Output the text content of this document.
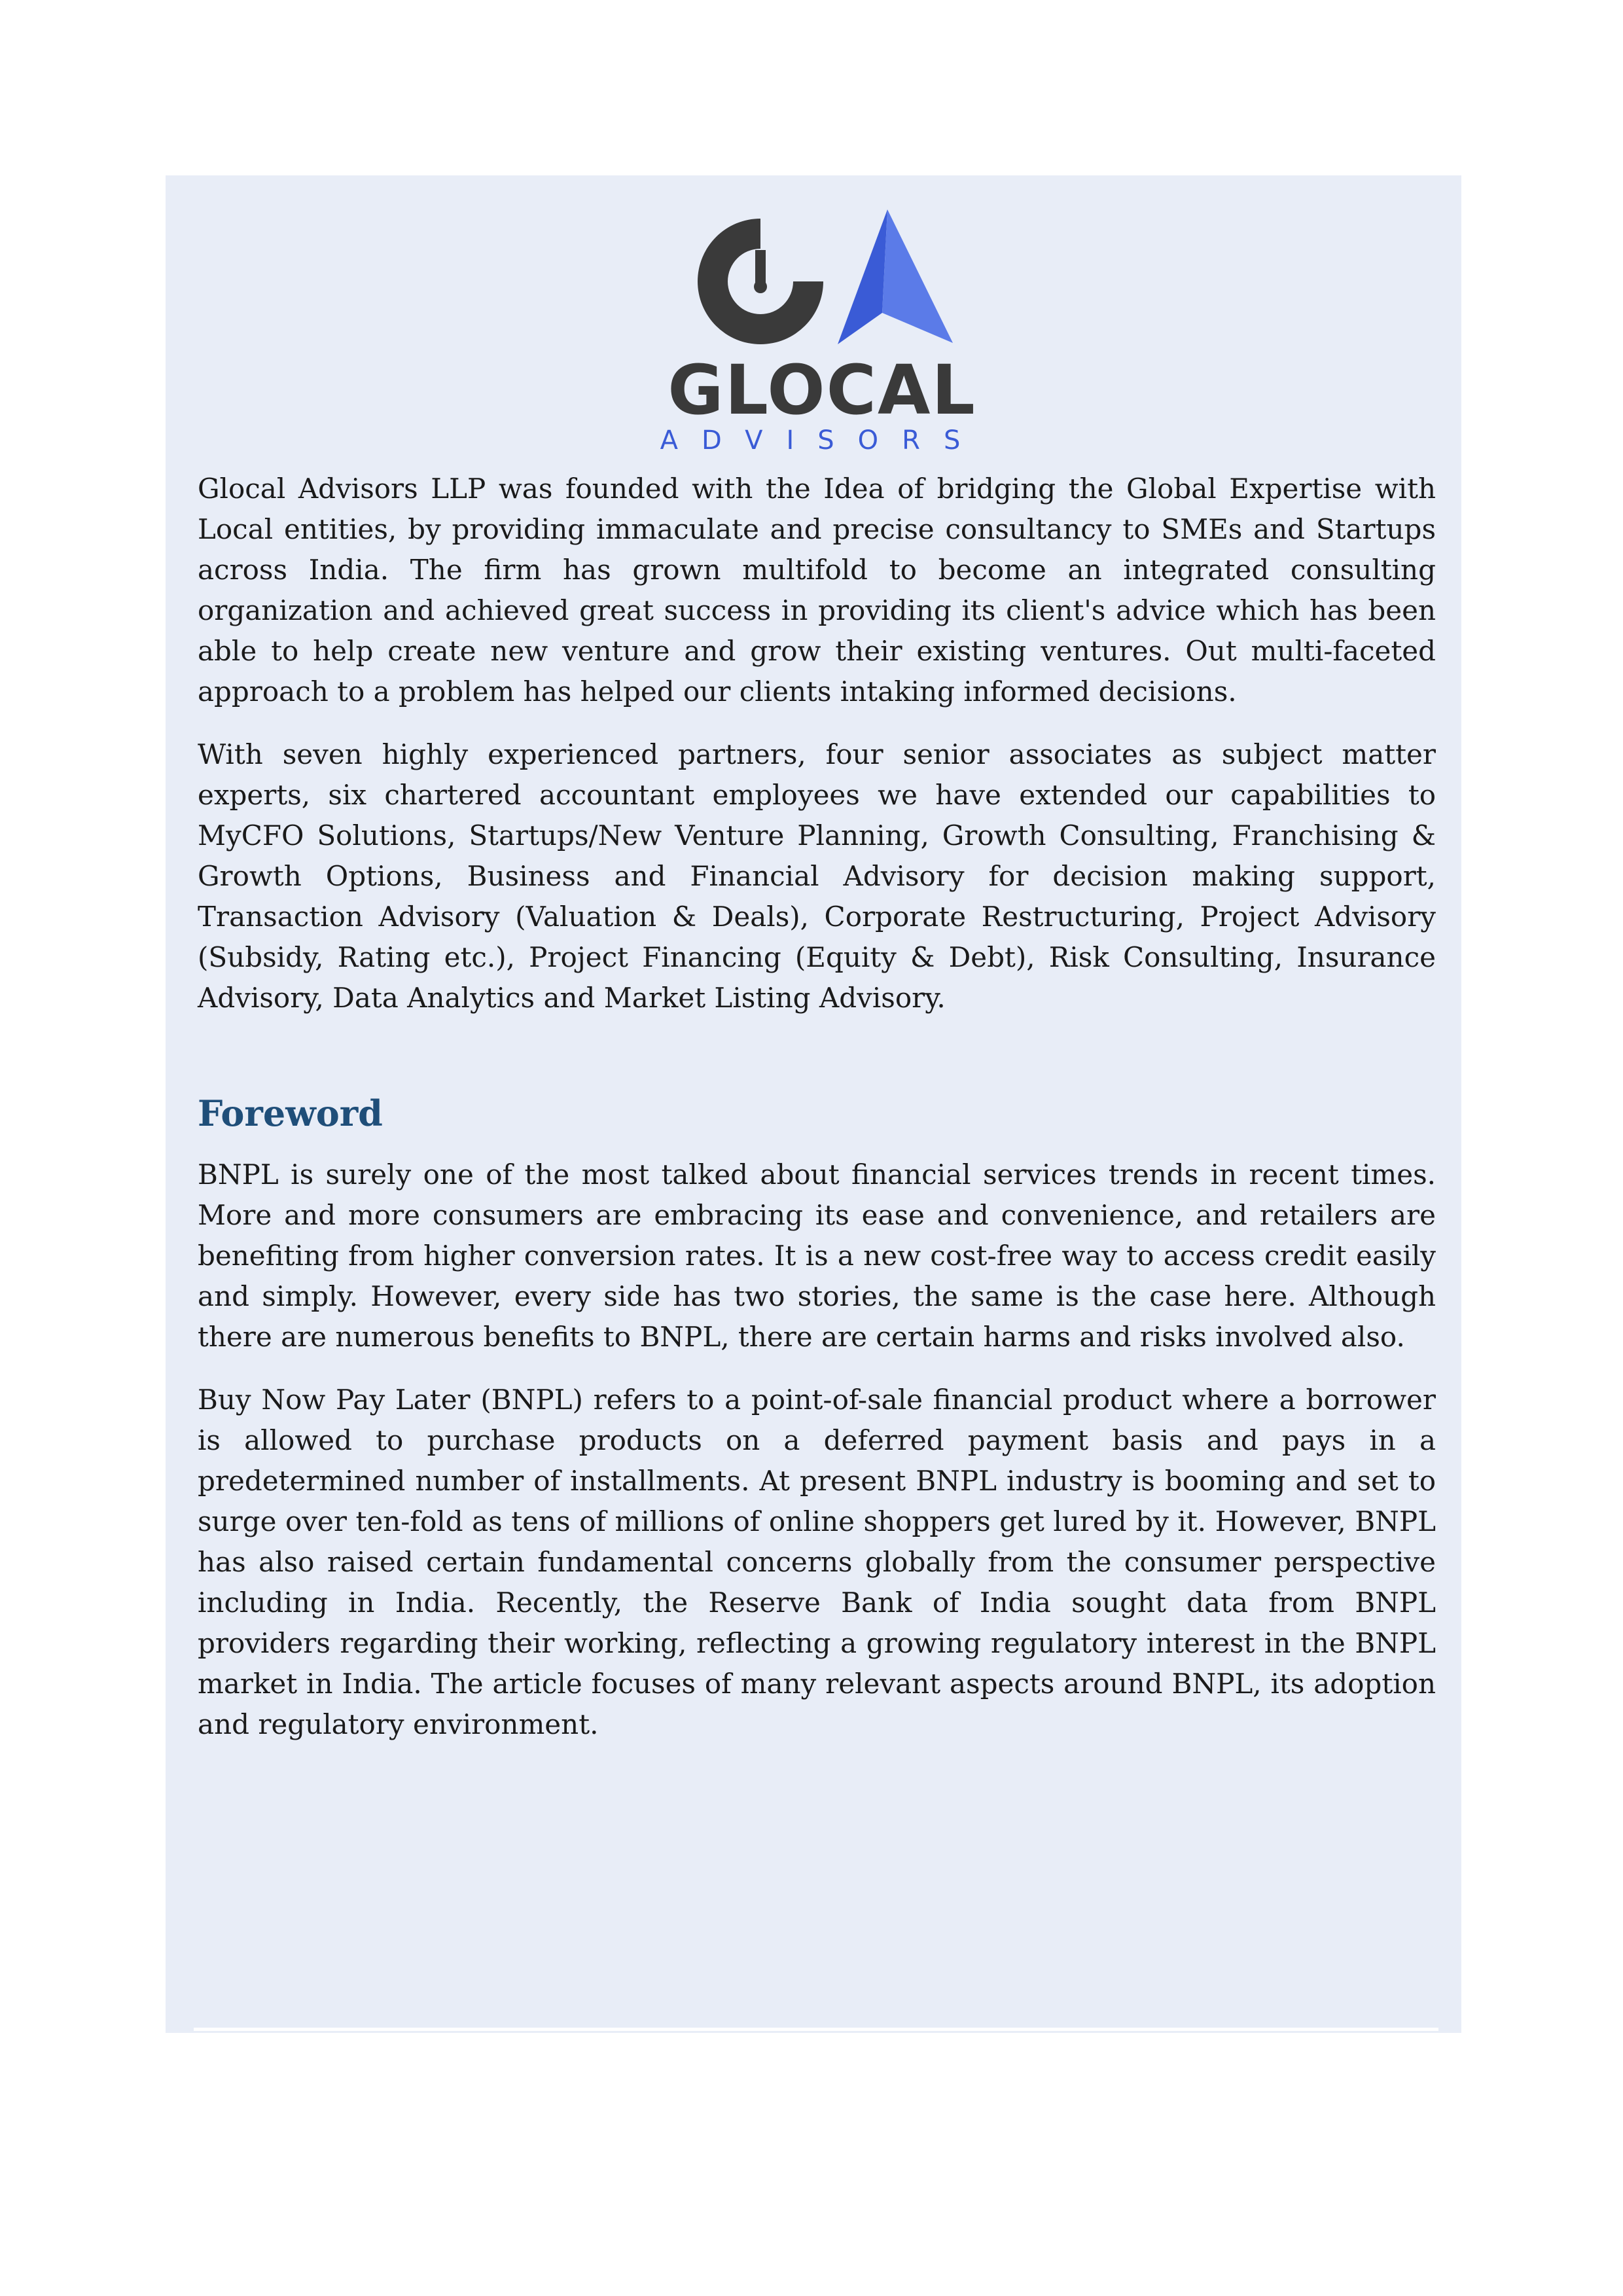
GLOCAL
ADVISORS

Glocal Advisors LLP was founded with the Idea of bridging the Global Expertise with Local entities, by providing immaculate and precise consultancy to SMEs and Startups across India. The firm has grown multifold to become an integrated consulting organization and achieved great success in providing its client's advice which has been able to help create new venture and grow their existing ventures. Out multi-faceted approach to a problem has helped our clients intaking informed decisions.

With seven highly experienced partners, four senior associates as subject matter experts, six chartered accountant employees we have extended our capabilities to MyCFO Solutions, Startups/New Venture Planning, Growth Consulting, Franchising & Growth Options, Business and Financial Advisory for decision making support, Transaction Advisory (Valuation & Deals), Corporate Restructuring, Project Advisory (Subsidy, Rating etc.), Project Financing (Equity & Debt), Risk Consulting, Insurance Advisory, Data Analytics and Market Listing Advisory.

Foreword

BNPL is surely one of the most talked about financial services trends in recent times. More and more consumers are embracing its ease and convenience, and retailers are benefiting from higher conversion rates. It is a new cost-free way to access credit easily and simply. However, every side has two stories, the same is the case here. Although there are numerous benefits to BNPL, there are certain harms and risks involved also.

Buy Now Pay Later (BNPL) refers to a point-of-sale financial product where a borrower is allowed to purchase products on a deferred payment basis and pays in a predetermined number of installments. At present BNPL industry is booming and set to surge over ten-fold as tens of millions of online shoppers get lured by it. However, BNPL has also raised certain fundamental concerns globally from the consumer perspective including in India. Recently, the Reserve Bank of India sought data from BNPL providers regarding their working, reflecting a growing regulatory interest in the BNPL market in India. The article focuses of many relevant aspects around BNPL, its adoption and regulatory environment.
